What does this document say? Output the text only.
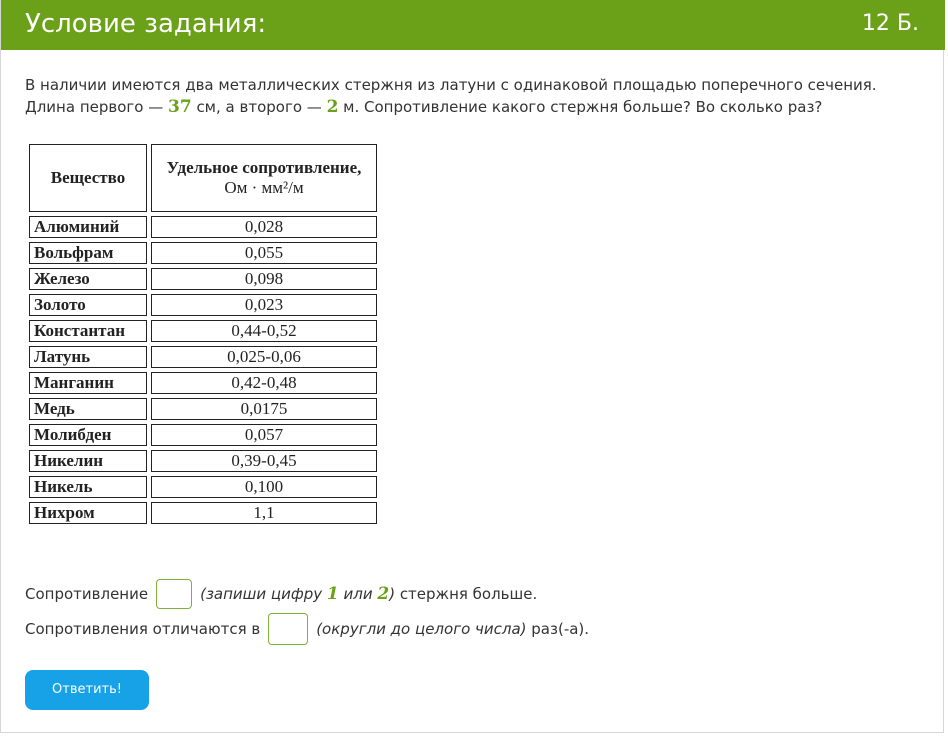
Условие задания:	12 Б.
В наличии имеются два металлических стержня из латуни с одинаковой площадью поперечного сечения. Длина первого — 37 см, а второго — 2 м. Сопротивление какого стержня больше? Во сколько раз?
Вещество	Удельное сопротивление, Ом · мм²/м
Алюминий	0,028
Вольфрам	0,055
Железо	0,098
Золото	0,023
Константан	0,44-0,52
Латунь	0,025-0,06
Манганин	0,42-0,48
Медь	0,0175
Молибден	0,057
Никелин	0,39-0,45
Никель	0,100
Нихром	1,1
Сопротивление	(запиши цифру 1 или 2) стержня больше.
Сопротивления отличаются в	(округли до целого числа) раз(-а).
Ответить!
